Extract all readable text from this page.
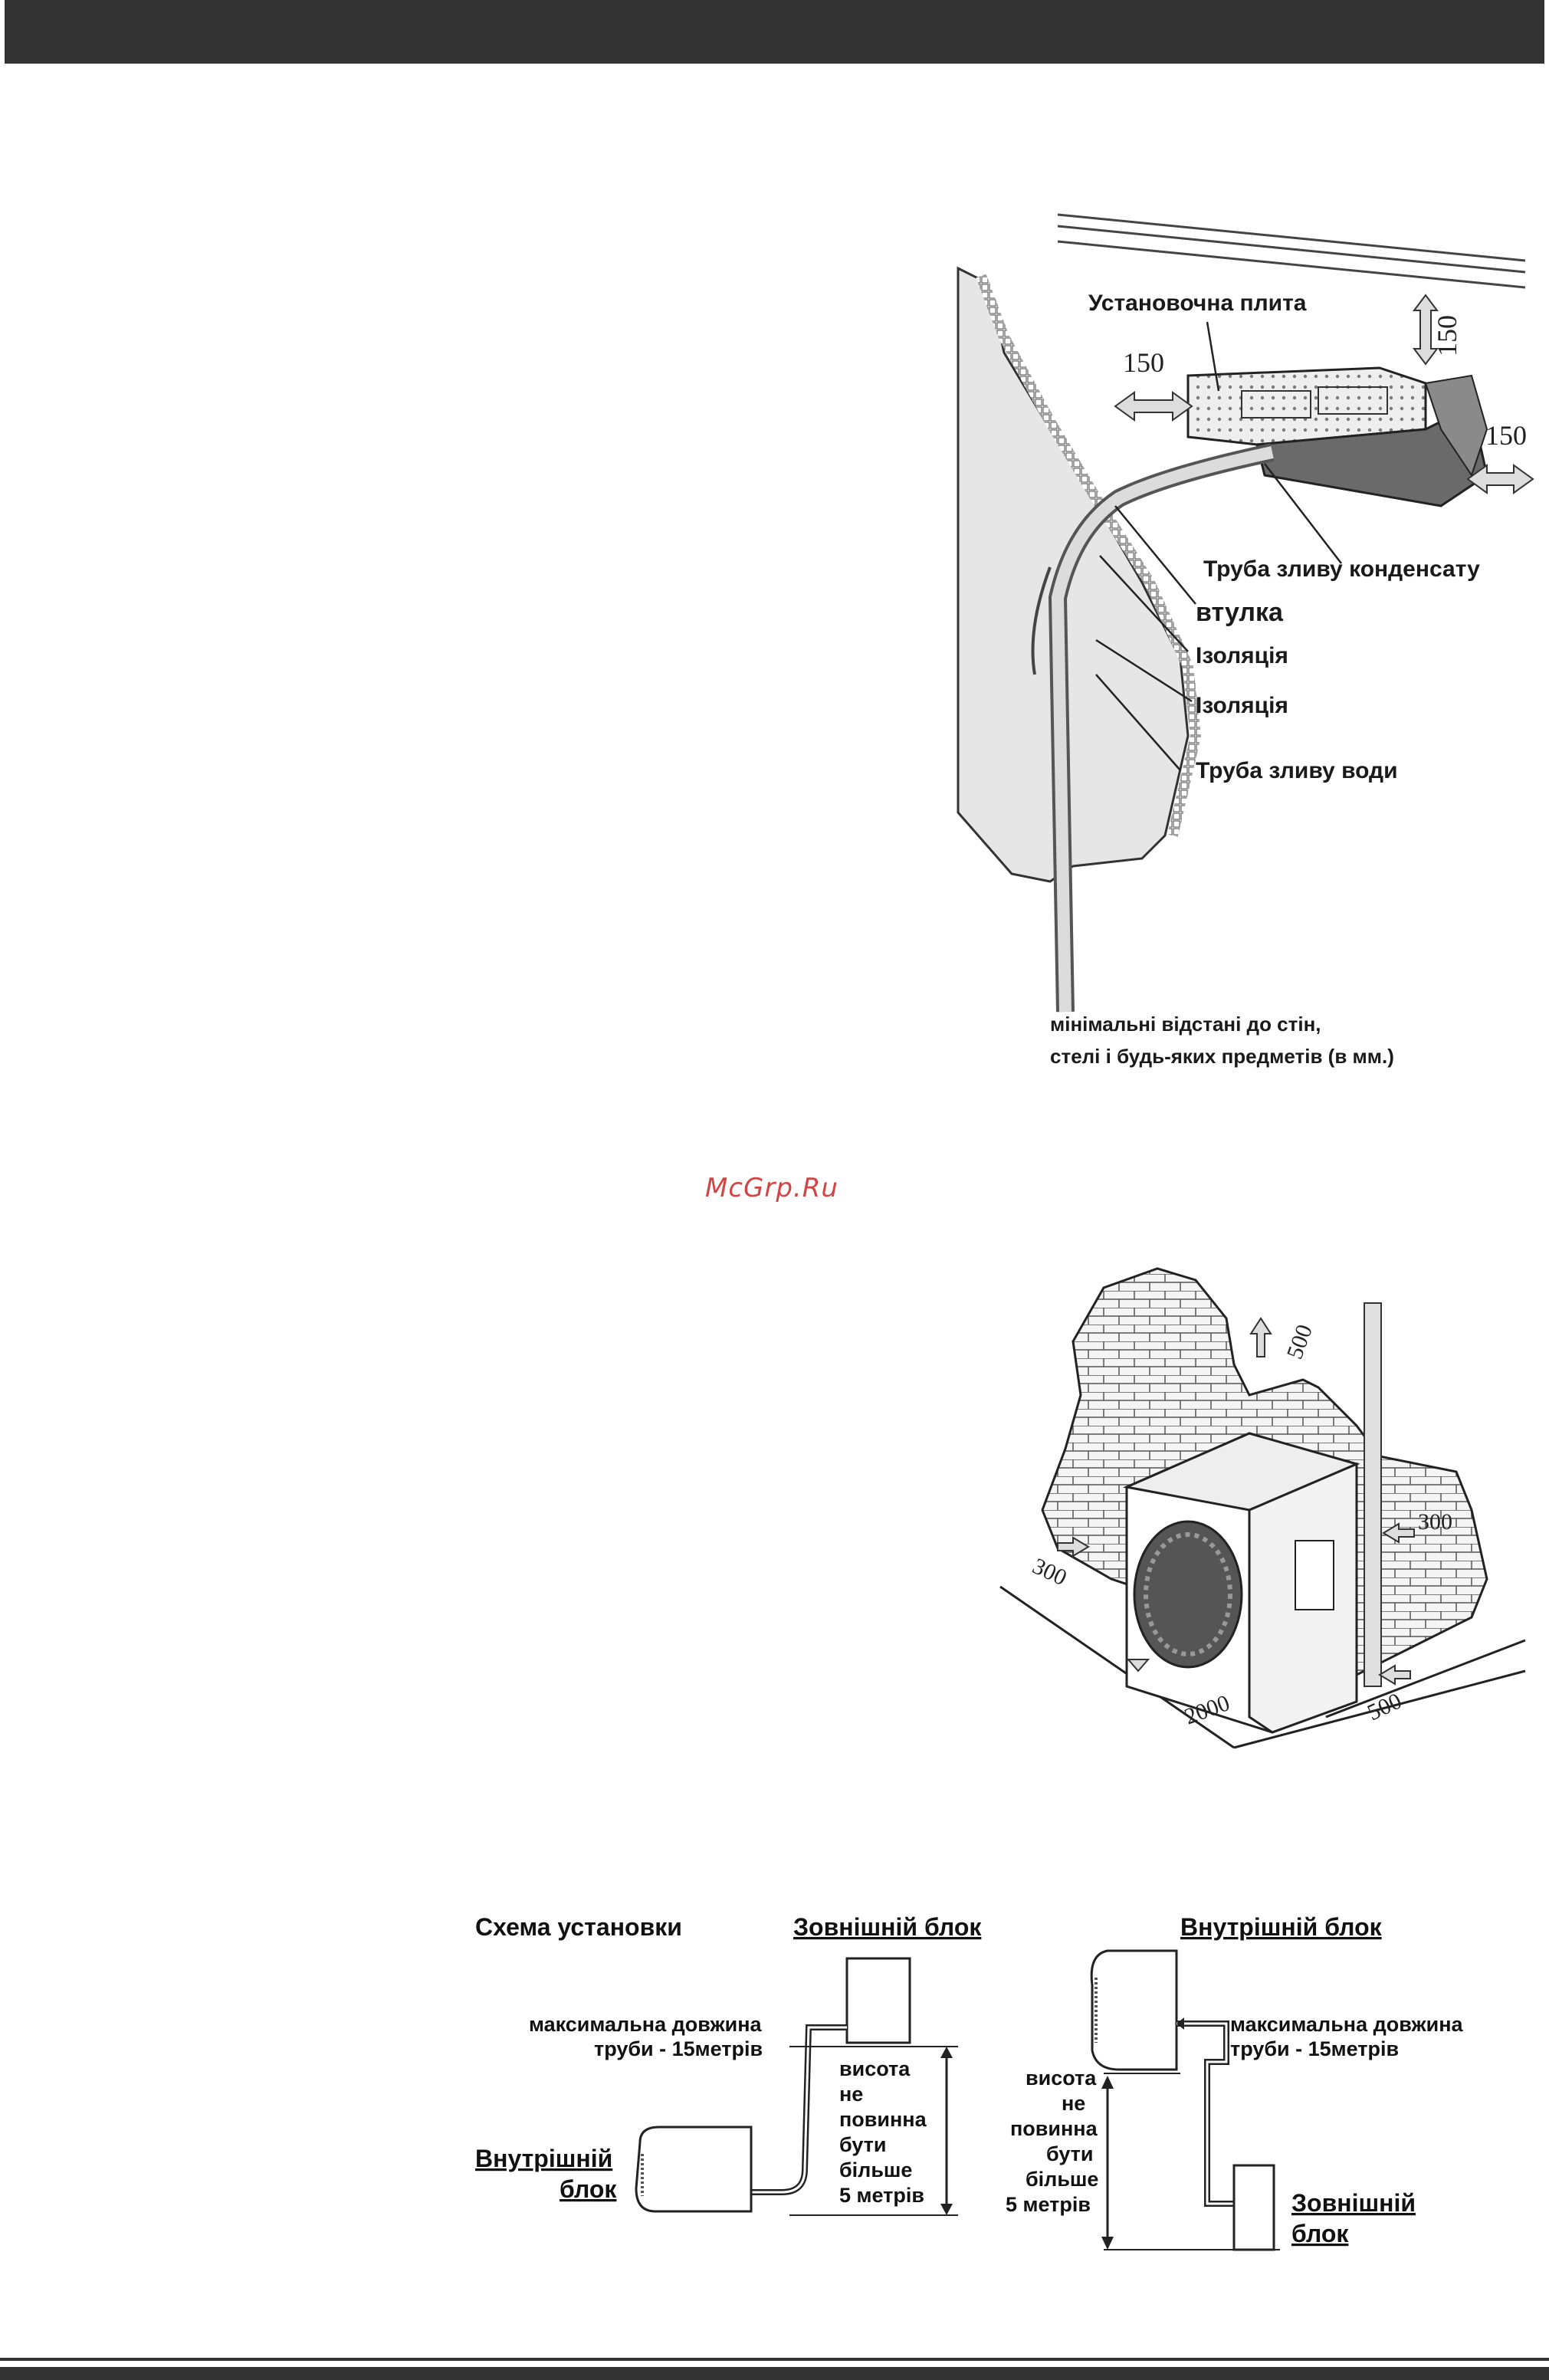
150
150
150
Установочна плита
Труба зливу конденсату
втулка
Ізоляція
Ізоляція
Труба зливу води
мінімальні відстані до стін,
стелі і будь-яких предметів (в мм.)
McGrp.Ru
500
300
300
2000	500
Схема установки	Зовнішній блок
максимальна довжина
труби - 15метрів
висота
не
повинна
бути
більше
5 метрів
Внутрішній
блок
Внутрішній блок
максимальна довжина
труби - 15метрів
висота
не
повинна
бути
більше
5 метрів	Зовнішній
блок
